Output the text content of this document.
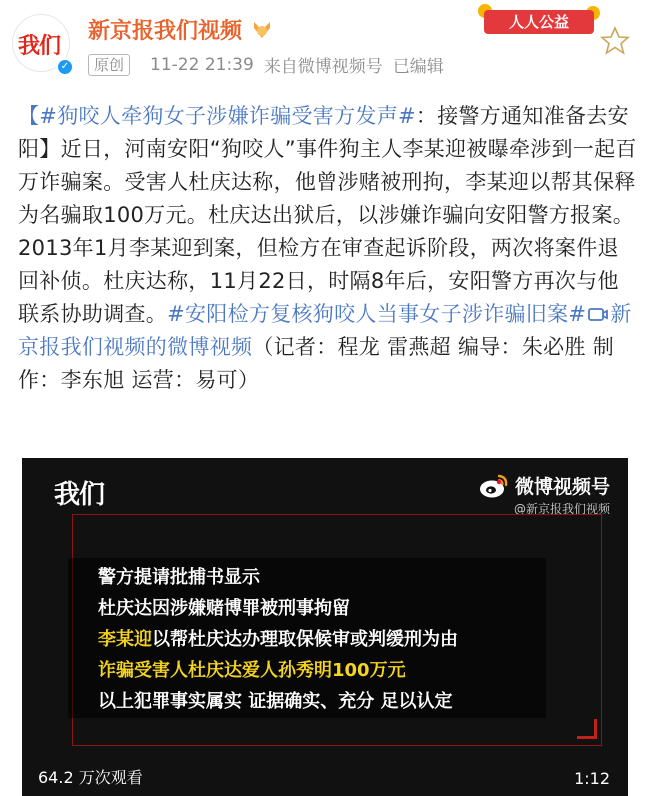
我们
✓
新京报我们视频
原创	11-22 21:39 来自微博视频号 已编辑
人人公益
【#狗咬人牵狗女子涉嫌诈骗受害方发声#：接警方通知准备去安阳】近日，河南安阳“狗咬人”事件狗主人李某迎被曝牵涉到一起百万诈骗案。受害人杜庆达称，他曾涉赌被刑拘，李某迎以帮其保释为名骗取100万元。杜庆达出狱后，以涉嫌诈骗向安阳警方报案。2013年1月李某迎到案，但检方在审查起诉阶段，两次将案件退回补侦。杜庆达称，11月22日，时隔8年后，安阳警方再次与他联系协助调查。#安阳检方复核狗咬人当事女子涉诈骗旧案# 新京报我们视频的微博视频（记者：程龙 雷燕超 编导：朱必胜 制作：李东旭 运营：易可）
我们	微博视频号
@新京报我们视频
警方提请批捕书显示
杜庆达因涉嫌赌博罪被刑事拘留
李某迎以帮杜庆达办理取保候审或判缓刑为由
诈骗受害人杜庆达爱人孙秀明100万元
以上犯罪事实属实 证据确实、充分 足以认定
64.2 万次观看	1:12
